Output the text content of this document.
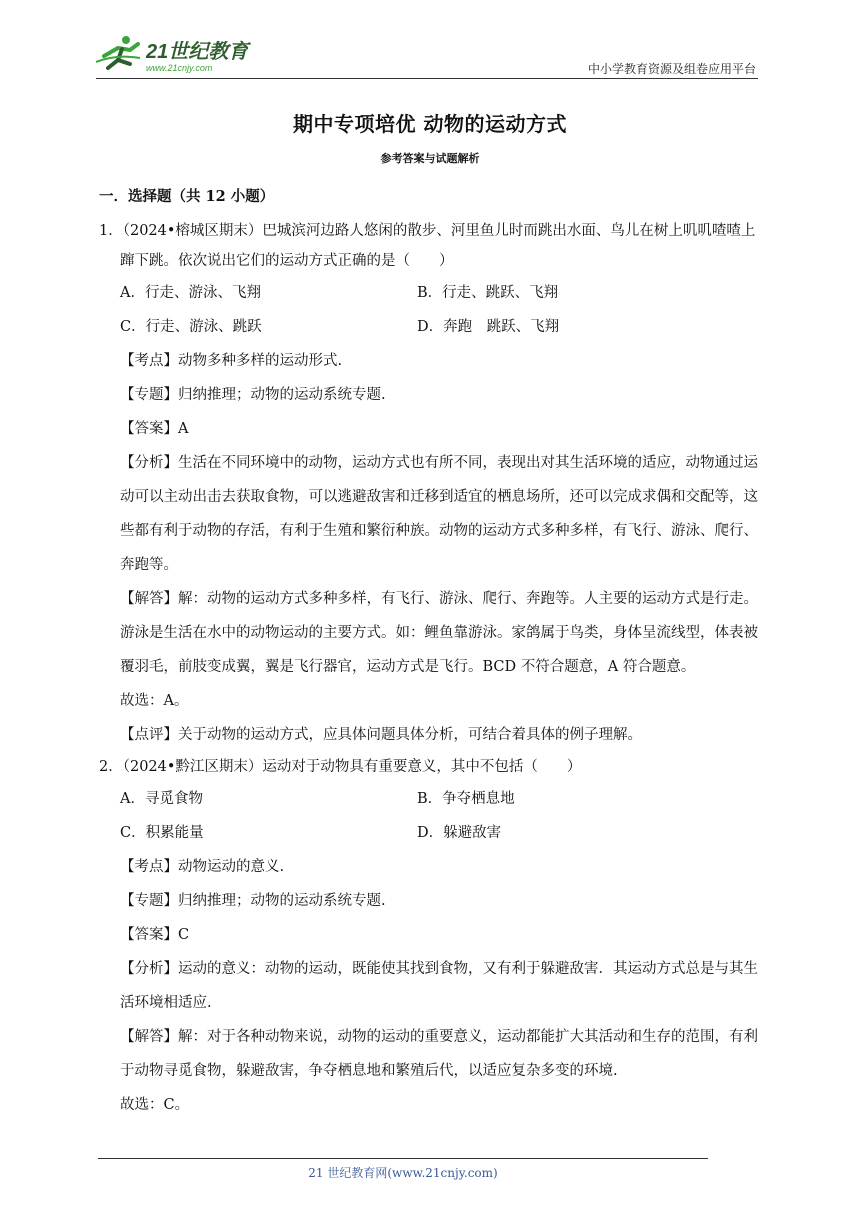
21世纪教育
www.21cnjy.com	中小学教育资源及组卷应用平台
期中专项培优 动物的运动方式
参考答案与试题解析
一．选择题（共 12 小题）

1．（2024•榕城区期末）巴城滨河边路人悠闲的散步、河里鱼儿时而跳出水面、鸟儿在树上叽叽喳喳上蹿下跳。依次说出它们的运动方式正确的是（　　）

A．行走、游泳、飞翔	B．行走、跳跃、飞翔
C．行走、游泳、跳跃	D．奔跑　跳跃、飞翔

【考点】动物多种多样的运动形式.

【专题】归纳推理；动物的运动系统专题.

【答案】A

【分析】生活在不同环境中的动物，运动方式也有所不同，表现出对其生活环境的适应，动物通过运动可以主动出击去获取食物，可以逃避敌害和迁移到适宜的栖息场所，还可以完成求偶和交配等，这些都有利于动物的存活，有利于生殖和繁衍种族。动物的运动方式多种多样，有飞行、游泳、爬行、奔跑等。

【解答】解：动物的运动方式多种多样，有飞行、游泳、爬行、奔跑等。人主要的运动方式是行走。游泳是生活在水中的动物运动的主要方式。如：鲤鱼靠游泳。家鸽属于鸟类，身体呈流线型，体表被覆羽毛，前肢变成翼，翼是飞行器官，运动方式是飞行。BCD 不符合题意，A 符合题意。

故选：A。

【点评】关于动物的运动方式，应具体问题具体分析，可结合着具体的例子理解。

2．（2024•黔江区期末）运动对于动物具有重要意义，其中不包括（　　）

A．寻觅食物	B．争夺栖息地
C．积累能量	D．躲避敌害

【考点】动物运动的意义.

【专题】归纳推理；动物的运动系统专题.

【答案】C

【分析】运动的意义：动物的运动，既能使其找到食物，又有利于躲避敌害．其运动方式总是与其生活环境相适应.

【解答】解：对于各种动物来说，动物的运动的重要意义，运动都能扩大其活动和生存的范围，有利于动物寻觅食物，躲避敌害，争夺栖息地和繁殖后代，以适应复杂多变的环境.

故选：C。

21 世纪教育网(www.21cnjy.com)
